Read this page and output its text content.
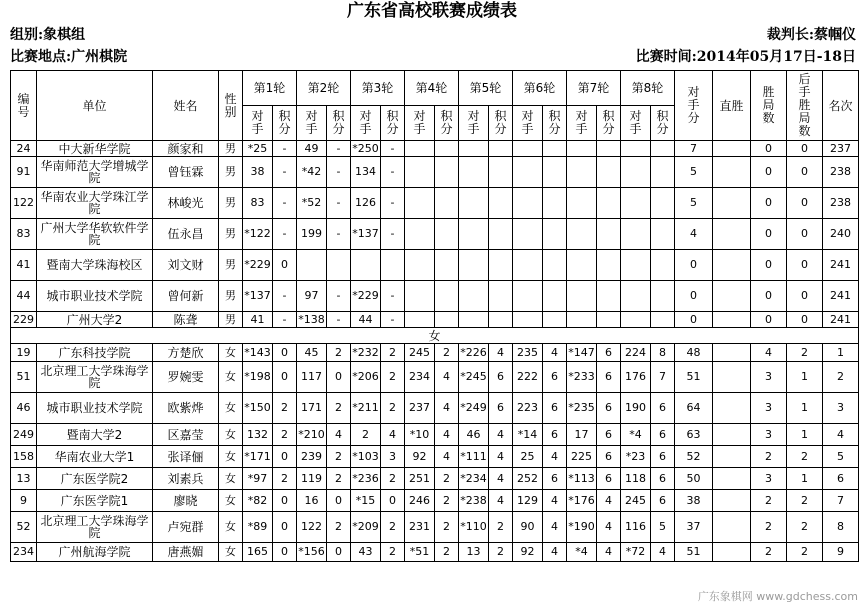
广东省高校联赛成绩表
组别:象棋组
比赛地点:广州棋院
裁判长:蔡帼仪
比赛时间:2014年05月17日-18日
编号	单位	姓名	性别	第1轮		第2轮		第3轮		第4轮		第5轮		第6轮		第7轮		第8轮		对手分	直胜	胜局数	后手胜局数	名次
				对手	积分	对手	积分	对手	积分	对手	积分	对手	积分	对手	积分	对手	积分	对手	积分					
24	中大新华学院	颜家和	男	*25	-	49	-	*250	-											7		0	0	237
91	华南师范大学增城学院	曾钰霖	男	38	-	*42	-	134	-											5		0	0	238
122	华南农业大学珠江学院	林峻光	男	83	-	*52	-	126	-											5		0	0	238
83	广州大学华软软件学院	伍永昌	男	*122	-	199	-	*137	-											4		0	0	240
41	暨南大学珠海校区	刘文财	男	*229	0															0		0	0	241
44	城市职业技术学院	曾何新	男	*137	-	97	-	*229	-											0		0	0	241
229	广州大学2	陈聋	男	41	-	*138	-	44	-											0		0	0	241
女																								
19	广东科技学院	方楚欣	女	*143	0	45	2	*232	2	245	2	*226	4	235	4	*147	6	224	8	48		4	2	1
51	北京理工大学珠海学院	罗婉雯	女	*198	0	117	0	*206	2	234	4	*245	6	222	6	*233	6	176	7	51		3	1	2
46	城市职业技术学院	欧紫烨	女	*150	2	171	2	*211	2	237	4	*249	6	223	6	*235	6	190	6	64		3	1	3
249	暨南大学2	区嘉莹	女	132	2	*210	4	2	4	*10	4	46	4	*14	6	17	6	*4	6	63		3	1	4
158	华南农业大学1	张译俪	女	*171	0	239	2	*103	3	92	4	*111	4	25	4	225	6	*23	6	52		2	2	5
13	广东医学院2	刘素兵	女	*97	2	119	2	*236	2	251	2	*234	4	252	6	*113	6	118	6	50		3	1	6
9	广东医学院1	廖晓	女	*82	0	16	0	*15	0	246	2	*238	4	129	4	*176	4	245	6	38		2	2	7
52	北京理工大学珠海学院	卢宛群	女	*89	0	122	2	*209	2	231	2	*110	2	90	4	*190	4	116	5	37		2	2	8
234	广州航海学院	唐燕媚	女	165	0	*156	0	43	2	*51	2	13	2	92	4	*4	4	*72	4	51		2	2	9
广东象棋网 www.gdchess.com
